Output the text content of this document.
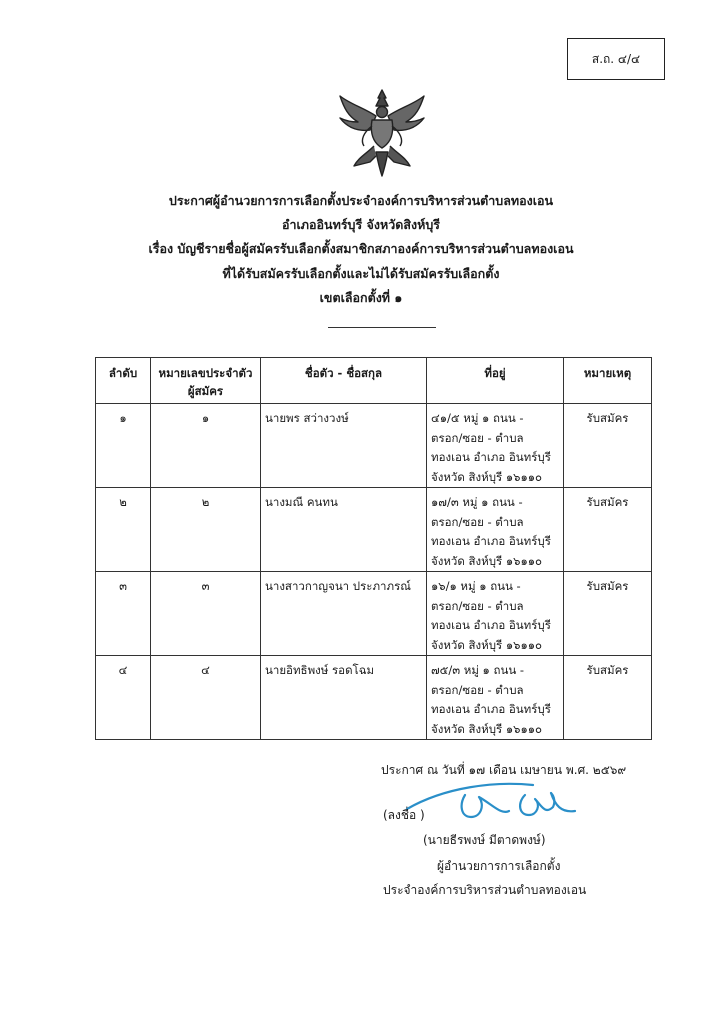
ส.ถ. ๔/๔
ประกาศผู้อำนวยการการเลือกตั้งประจำองค์การบริหารส่วนตำบลทองเอน
อำเภออินทร์บุรี จังหวัดสิงห์บุรี
เรื่อง บัญชีรายชื่อผู้สมัครรับเลือกตั้งสมาชิกสภาองค์การบริหารส่วนตำบลทองเอน
ที่ได้รับสมัครรับเลือกตั้งและไม่ได้รับสมัครรับเลือกตั้ง
เขตเลือกตั้งที่ ๑
ลำดับ	หมายเลขประจำตัว
ผู้สมัคร	ชื่อตัว - ชื่อสกุล	ที่อยู่	หมายเหตุ
๑	๑	นายพร สว่างวงษ์	๔๑/๕ หมู่ ๑ ถนน -
ตรอก/ซอย - ตำบล
ทองเอน อำเภอ อินทร์บุรี
จังหวัด สิงห์บุรี ๑๖๑๑๐	รับสมัคร
๒	๒	นางมณี คนทน	๑๗/๓ หมู่ ๑ ถนน -
ตรอก/ซอย - ตำบล
ทองเอน อำเภอ อินทร์บุรี
จังหวัด สิงห์บุรี ๑๖๑๑๐	รับสมัคร
๓	๓	นางสาวกาญจนา ประภาภรณ์	๑๖/๑ หมู่ ๑ ถนน -
ตรอก/ซอย - ตำบล
ทองเอน อำเภอ อินทร์บุรี
จังหวัด สิงห์บุรี ๑๖๑๑๐	รับสมัคร
๔	๔	นายอิทธิพงษ์ รอดโฉม	๗๕/๓ หมู่ ๑ ถนน -
ตรอก/ซอย - ตำบล
ทองเอน อำเภอ อินทร์บุรี
จังหวัด สิงห์บุรี ๑๖๑๑๐	รับสมัคร
ประกาศ ณ วันที่ ๑๗ เดือน เมษายน พ.ศ. ๒๕๖๙
(ลงชื่อ )
(นายธีรพงษ์ มีตาดพงษ์)
ผู้อำนวยการการเลือกตั้ง
ประจำองค์การบริหารส่วนตำบลทองเอน
